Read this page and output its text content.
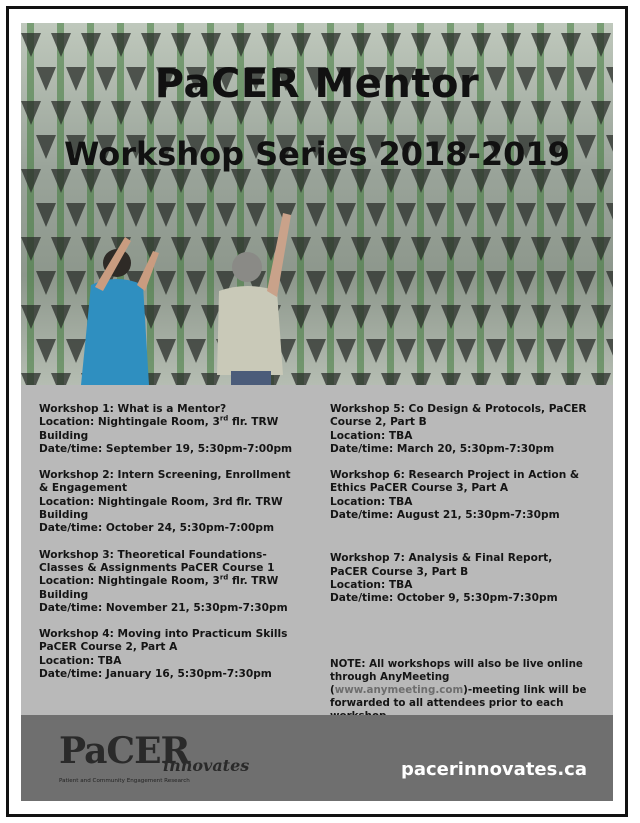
PaCER Mentor
Workshop Series 2018-2019
Workshop 1: What is a Mentor?
Location: Nightingale Room, 3rd flr. TRW Building
Date/time: September 19, 5:30pm-7:00pm
Workshop 2: Intern Screening, Enrollment & Engagement
Location: Nightingale Room, 3rd flr. TRW Building
Date/time: October 24, 5:30pm-7:00pm
Workshop 3: Theoretical Foundations-Classes & Assignments PaCER Course 1
Location: Nightingale Room, 3rd flr. TRW Building
Date/time: November 21, 5:30pm-7:30pm
Workshop 4: Moving into Practicum Skills PaCER Course 2, Part A
Location: TBA
Date/time: January 16, 5:30pm-7:30pm
Workshop 5: Co Design & Protocols, PaCER Course 2, Part B
Location: TBA
Date/time: March 20, 5:30pm-7:30pm
Workshop 6: Research Project in Action & Ethics PaCER Course 3, Part A
Location: TBA
Date/time: August 21, 5:30pm-7:30pm
Workshop 7: Analysis & Final Report, PaCER Course 3, Part B
Location: TBA
Date/time: October 9, 5:30pm-7:30pm
NOTE: All workshops will also be live online through AnyMeeting (www.anymeeting.com)-meeting link will be forwarded to all attendees prior to each
PaCER
innovates
Patient and Community Engagement Research
pacerinnovates.ca
